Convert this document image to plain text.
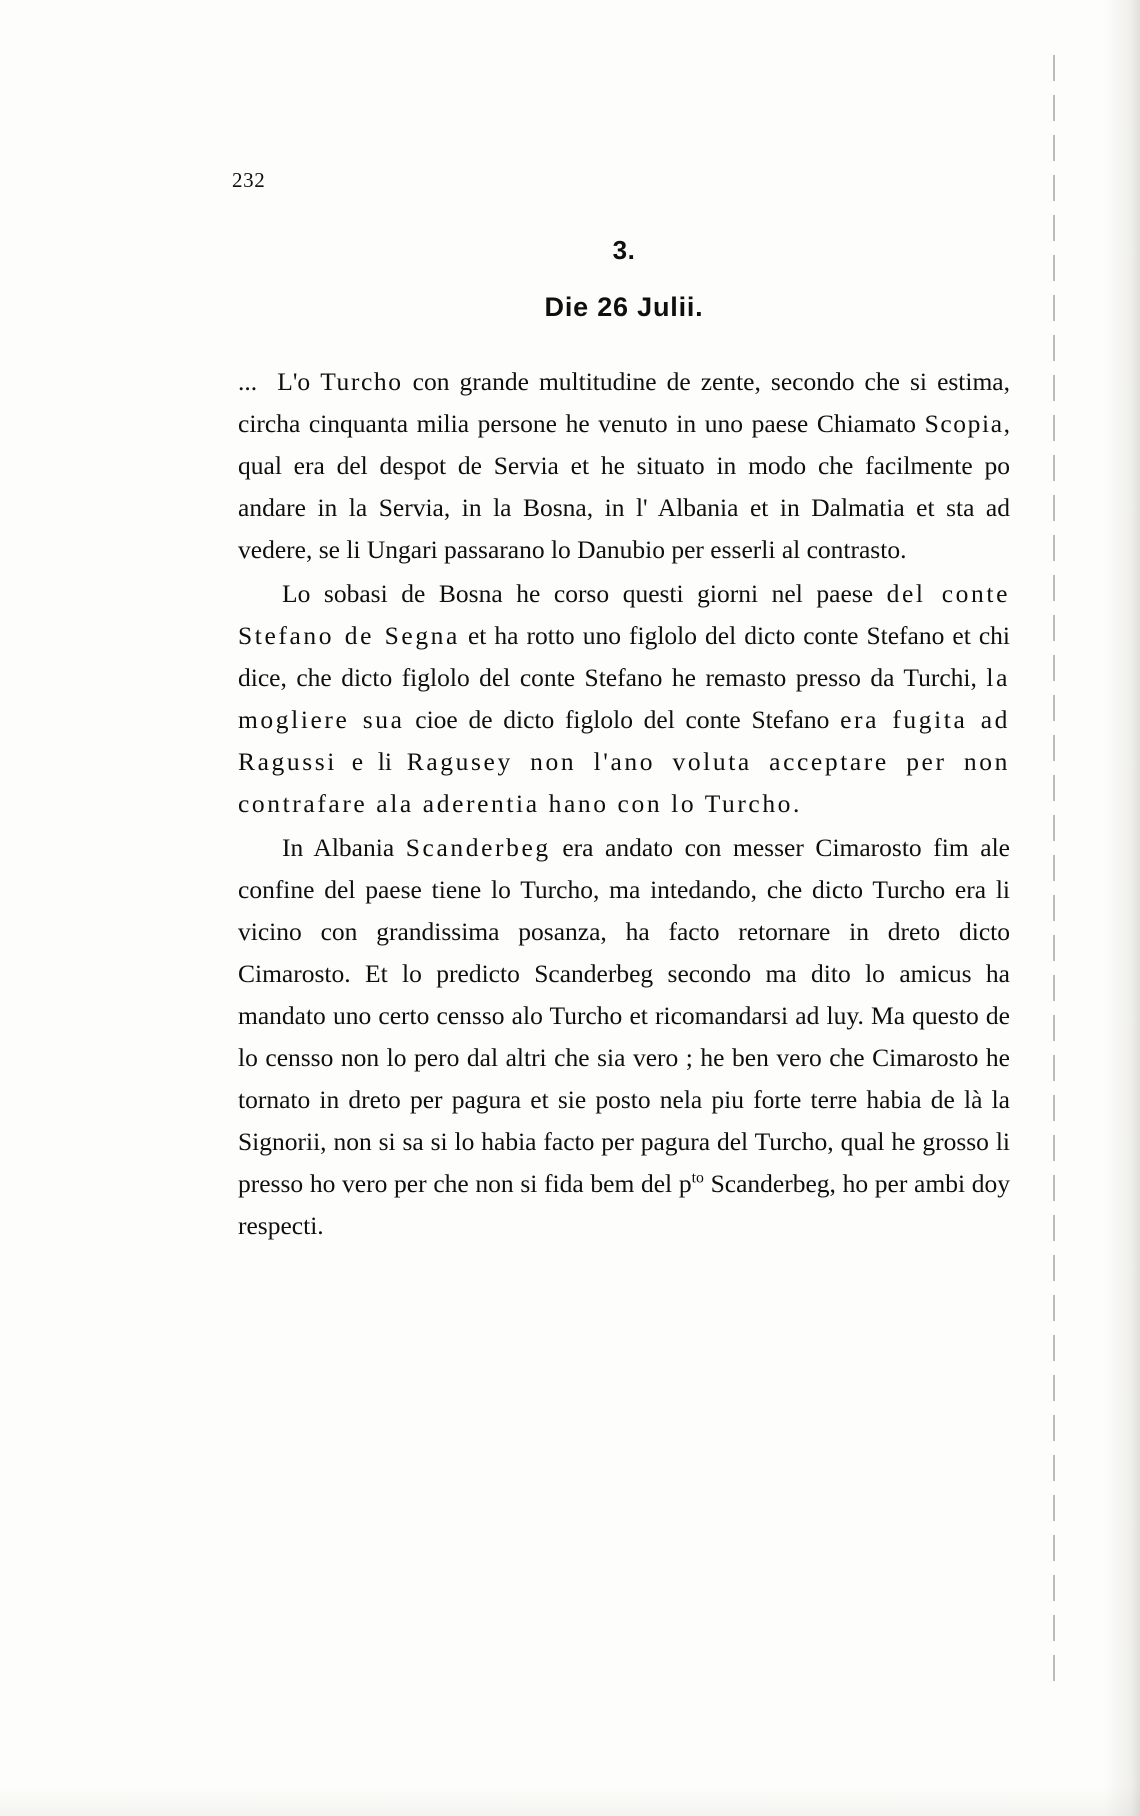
232
3.
Die 26 Julii.

...  L'o Turcho con grande multitudine de zente, secondo che si estima, circha cinquanta milia persone he venuto in uno paese Chiamato Scopia, qual era del despot de Servia et he situato in modo che facilmente po andare in la Servia, in la Bosna, in l' Albania et in Dalmatia et sta ad vedere, se li Ungari passarano lo Danubio per esserli al contrasto.

Lo sobasi de Bosna he corso questi giorni nel paese del conte Stefano de Segna et ha rotto uno figlolo del dicto conte Stefano et chi dice, che dicto figlolo del conte Stefano he remasto presso da Turchi, la mogliere sua cioe de dicto figlolo del conte Stefano era fugita ad Ragussi e li Ragusey non l'ano voluta acceptare per non contrafare ala aderentia hano con lo Turcho.

In Albania Scanderbeg era andato con messer Cimarosto fim ale confine del paese tiene lo Turcho, ma intedando, che dicto Turcho era li vicino con grandissima posanza, ha facto retornare in dreto dicto Cimarosto. Et lo predicto Scanderbeg secondo ma dito lo amicus ha mandato uno certo censso alo Turcho et ricomandarsi ad luy. Ma questo de lo censso non lo pero dal altri che sia vero ; he ben vero che Cimarosto he tornato in dreto per pagura et sie posto nela piu forte terre habia de là la Signorii, non si sa si lo habia facto per pagura del Turcho, qual he grosso li presso ho vero per che non si fida bem del $p^{to}$ Scanderbeg, ho per ambi doy respecti.
